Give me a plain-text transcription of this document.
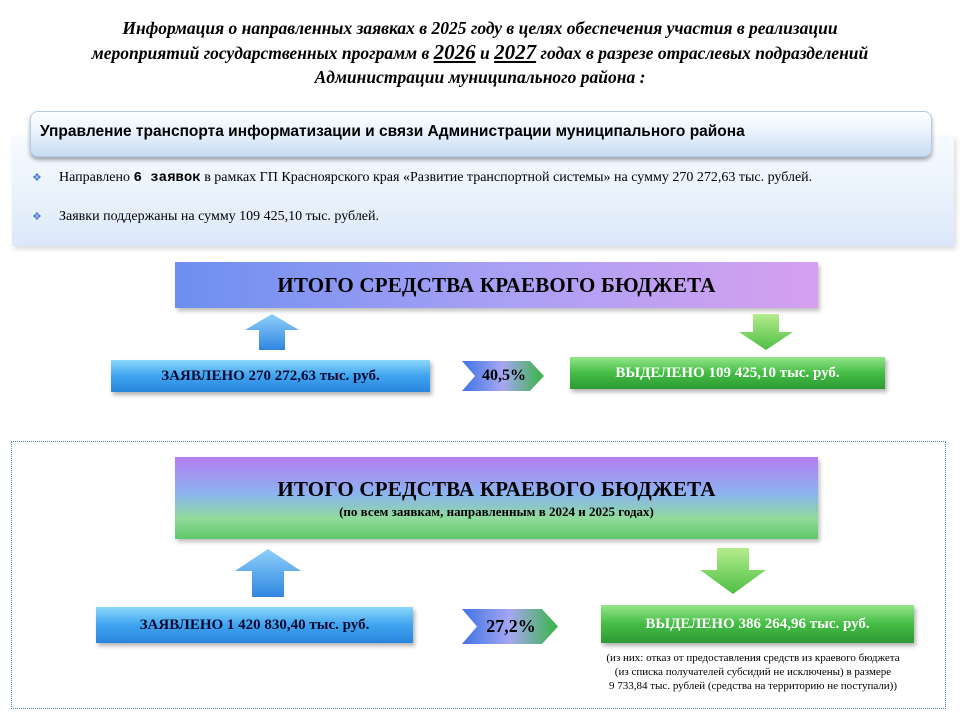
Информация о направленных заявках в 2025 году в целях обеспечения участия в реализации
мероприятий государственных программ в 2026 и 2027 годах в разрезе отраслевых подразделений
Администрации муниципального района :
❖ Направлено 6 заявок в рамках ГП Красноярского края «Развитие транспортной системы» на сумму 270 272,63 тыс. рублей.
❖ Заявки поддержаны на сумму 109 425,10 тыс. рублей.
Управление транспорта информатизации и связи Администрации муниципального района
ИТОГО СРЕДСТВА КРАЕВОГО БЮДЖЕТА
ЗАЯВЛЕНО 270 272,63 тыс. руб.	40,5%	ВЫДЕЛЕНО 109 425,10 тыс. руб.
ИТОГО СРЕДСТВА КРАЕВОГО БЮДЖЕТА
(по всем заявкам, направленным в 2024 и 2025 годах)
ЗАЯВЛЕНО 1 420 830,40 тыс. руб.	27,2%	ВЫДЕЛЕНО 386 264,96 тыс. руб.
(из них: отказ от предоставления средств из краевого бюджета
(из списка получателей субсидий не исключены) в размере
9 733,84 тыс. рублей (средства на территорию не поступали))
